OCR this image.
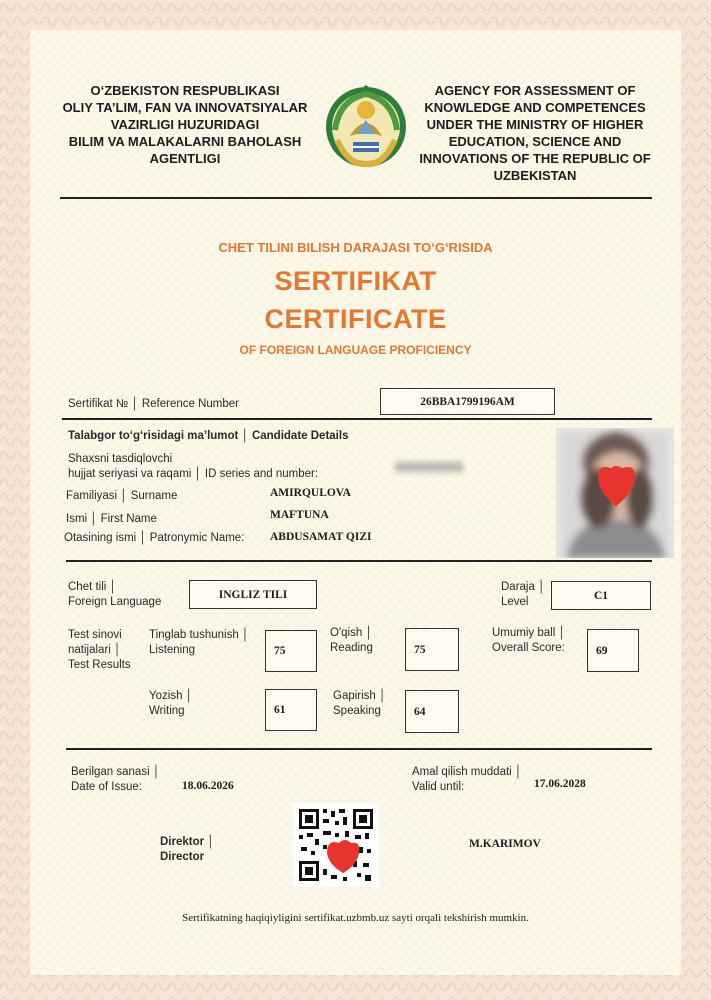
O‘ZBEKISTON RESPUBLIKASI
OLIY TA’LIM, FAN VA INNOVATSIYALAR
VAZIRLIGI HUZURIDAGI
BILIM VA MALAKALARNI BAHOLASH
AGENTLIGI
AGENCY FOR ASSESSMENT OF
KNOWLEDGE AND COMPETENCES
UNDER THE MINISTRY OF HIGHER
EDUCATION, SCIENCE AND
INNOVATIONS OF THE REPUBLIC OF
UZBEKISTAN
CHET TILINI BILISH DARAJASI TO‘G‘RISIDA
SERTIFIKAT
CERTIFICATE
OF FOREIGN LANGUAGE PROFICIENCY
Sertifikat № │ Reference Number	26BBA1799196AM
Talabgor to‘g‘risidagi ma’lumot │ Candidate Details
Shaxsni tasdiqlovchi
hujjat seriyasi va raqami │ ID series and number:
Familiyasi │ Surname	AMIRQULOVA
Ismi │ First Name	MAFTUNA
Otasining ismi │ Patronymic Name: ABDUSAMAT QIZI
Chet tili │
Foreign Language
INGLIZ TILI
Daraja │
Level
C1
Test sinovi
natijalari │
Test Results
Tinglab tushunish │
Listening	75
O'qish │
Reading	75
Umumiy ball │
Overall Score:	69
Yozish │
Writing	61
Gapirish │
Speaking	64
Berilgan sanasi │
Date of Issue:	18.06.2026
Amal qilish muddati │
Valid until:	17.06.2028
Direktor │
Director
M.KARIMOV
Sertifikatning haqiqiyligini sertifikat.uzbmb.uz sayti orqali tekshirish mumkin.
